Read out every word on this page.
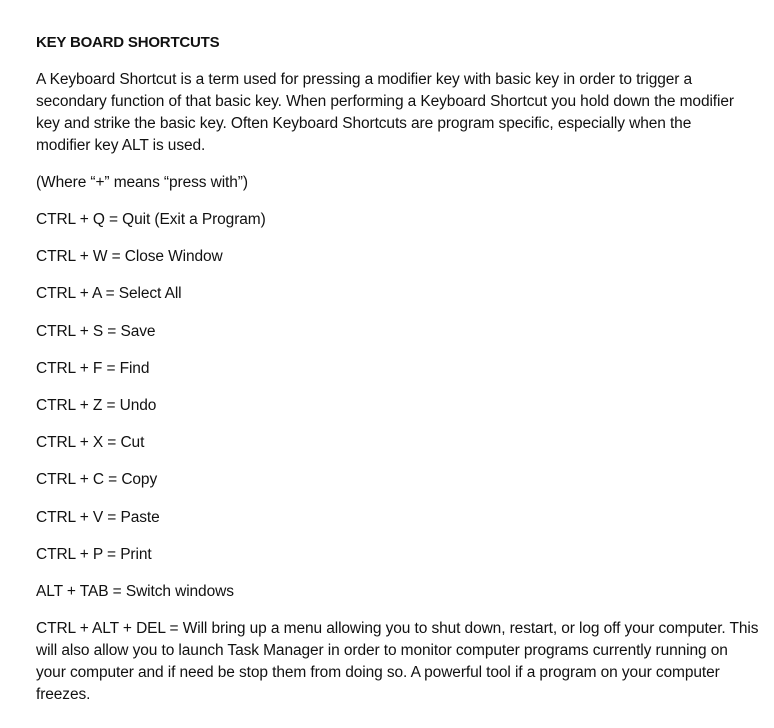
KEY BOARD SHORTCUTS
A Keyboard Shortcut is a term used for pressing a modifier key with basic key in order to trigger a secondary function of that basic key. When performing a Keyboard Shortcut you hold down the modifier key and strike the basic key. Often Keyboard Shortcuts are program specific, especially when the modifier key ALT is used.
(Where “+” means “press with”)
CTRL + Q = Quit (Exit a Program)
CTRL + W = Close Window
CTRL + A = Select All
CTRL + S = Save
CTRL + F = Find
CTRL + Z = Undo
CTRL + X = Cut
CTRL + C = Copy
CTRL + V = Paste
CTRL + P = Print
ALT + TAB = Switch windows
CTRL + ALT + DEL = Will bring up a menu allowing you to shut down, restart, or log off your computer. This will also allow you to launch Task Manager in order to monitor computer programs currently running on your computer and if need be stop them from doing so. A powerful tool if a program on your computer freezes.
